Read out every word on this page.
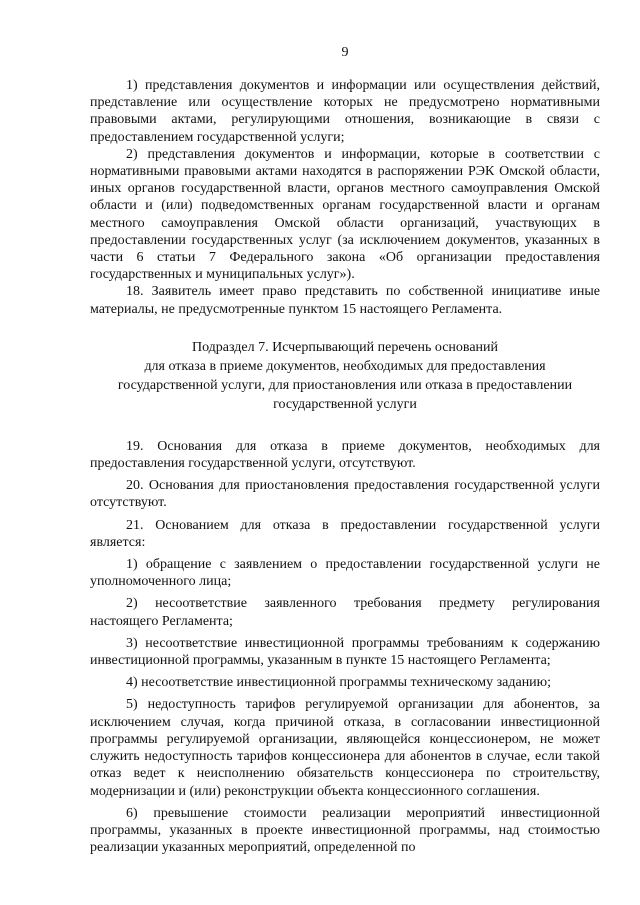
9

1) представления документов и информации или осуществления действий, представление или осуществление которых не предусмотрено нормативными правовыми актами, регулирующими отношения, возникающие в связи с предоставлением государственной услуги;

2) представления документов и информации, которые в соответствии с нормативными правовыми актами находятся в распоряжении РЭК Омской области, иных органов государственной власти, органов местного самоуправления Омской области и (или) подведомственных органам государственной власти и органам местного самоуправления Омской области организаций, участвующих в предоставлении государственных услуг (за исключением документов, указанных в части 6 статьи 7 Федерального закона «Об организации предоставления государственных и муниципальных услуг»).

18. Заявитель имеет право представить по собственной инициативе иные материалы, не предусмотренные пунктом 15 настоящего Регламента.

Подраздел 7. Исчерпывающий перечень оснований
для отказа в приеме документов, необходимых для предоставления
государственной услуги, для приостановления или отказа в предоставлении
государственной услуги

19. Основания для отказа в приеме документов, необходимых для предоставления государственной услуги, отсутствуют.

20. Основания для приостановления предоставления государственной услуги отсутствуют.

21. Основанием для отказа в предоставлении государственной услуги является:

1) обращение с заявлением о предоставлении государственной услуги не уполномоченного лица;

2) несоответствие заявленного требования предмету регулирования настоящего Регламента;

3) несоответствие инвестиционной программы требованиям к содержанию инвестиционной программы, указанным в пункте 15 настоящего Регламента;

4) несоответствие инвестиционной программы техническому заданию;

5) недоступность тарифов регулируемой организации для абонентов, за исключением случая, когда причиной отказа, в согласовании инвестиционной программы регулируемой организации, являющейся концессионером, не может служить недоступность тарифов концессионера для абонентов в случае, если такой отказ ведет к неисполнению обязательств концессионера по строительству, модернизации и (или) реконструкции объекта концессионного соглашения.

6) превышение стоимости реализации мероприятий инвестиционной программы, указанных в проекте инвестиционной программы, над стоимостью реализации указанных мероприятий, определенной по
